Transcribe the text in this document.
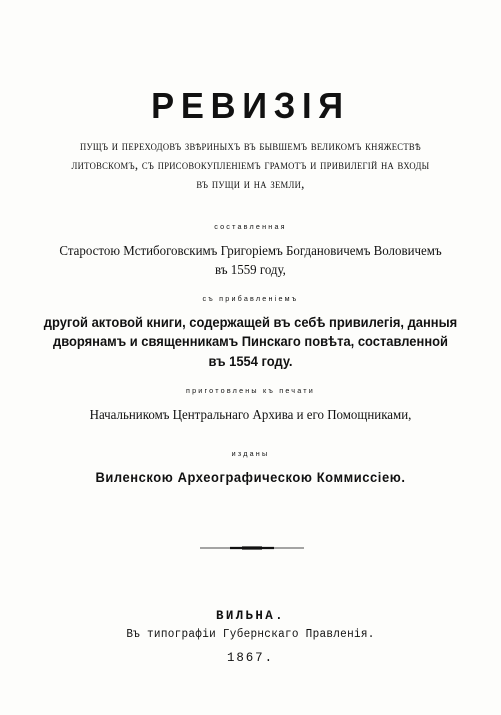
РЕВИЗІЯ
пущъ и переходовъ звѣриныхъ въ бывшемъ великомъ княжествѣ
литовскомъ, съ присовокупленіемъ грамотъ и привилегій на входы
въ пущи и на земли,
составленная
Старостою Мстибоговскимъ Григоріемъ Богдановичемъ Воловичемъ
въ 1559 году,
съ прибавленіемъ
другой актовой книги, содержащей въ себѣ привилегія, данныя
дворянамъ и священникамъ Пинскаго повѣта, составленной
въ 1554 году.
приготовлены къ печати
Начальникомъ Центральнаго Архива и его Помощниками,
изданы
Виленскою Археографическою Коммиссіею.
ВИЛЬНА.
Въ типографіи Губернскаго Правленія.
1867.
